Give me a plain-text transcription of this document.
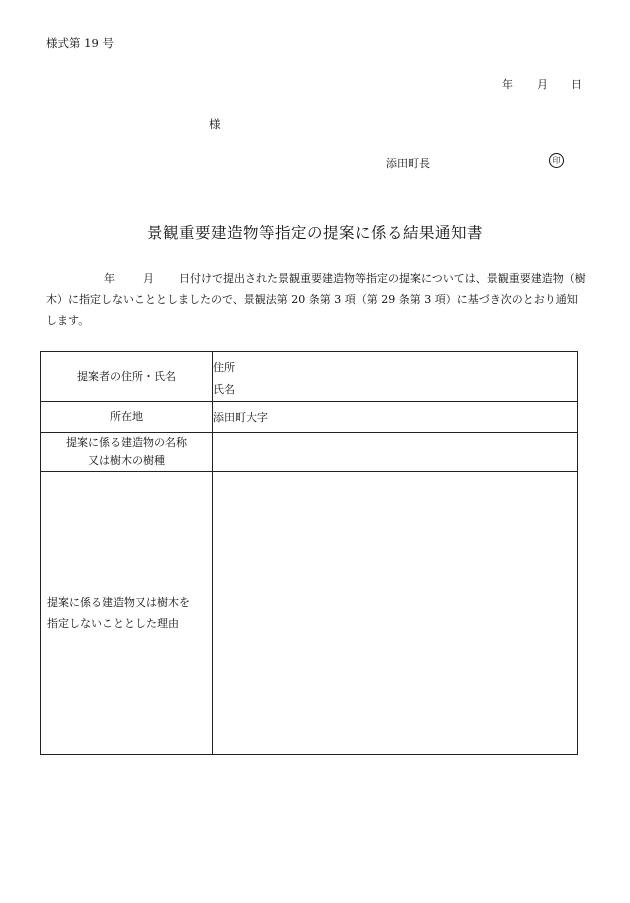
様式第 19 号
年 月 日
様
添田町長	印
景観重要建造物等指定の提案に係る結果通知書
年	月 日付けで提出された景観重要建造物等指定の提案については、景観重要建造物（樹木）に指定しないこととしましたので、景観法第 20 条第 3 項（第 29 条第 3 項）に基づき次のとおり通知します。
提案者の住所・氏名	住所
氏名

所在地	添田町大字

提案に係る建造物の名称
又は樹木の樹種	

提案に係る建造物又は樹木を
指定しないこととした理由	
